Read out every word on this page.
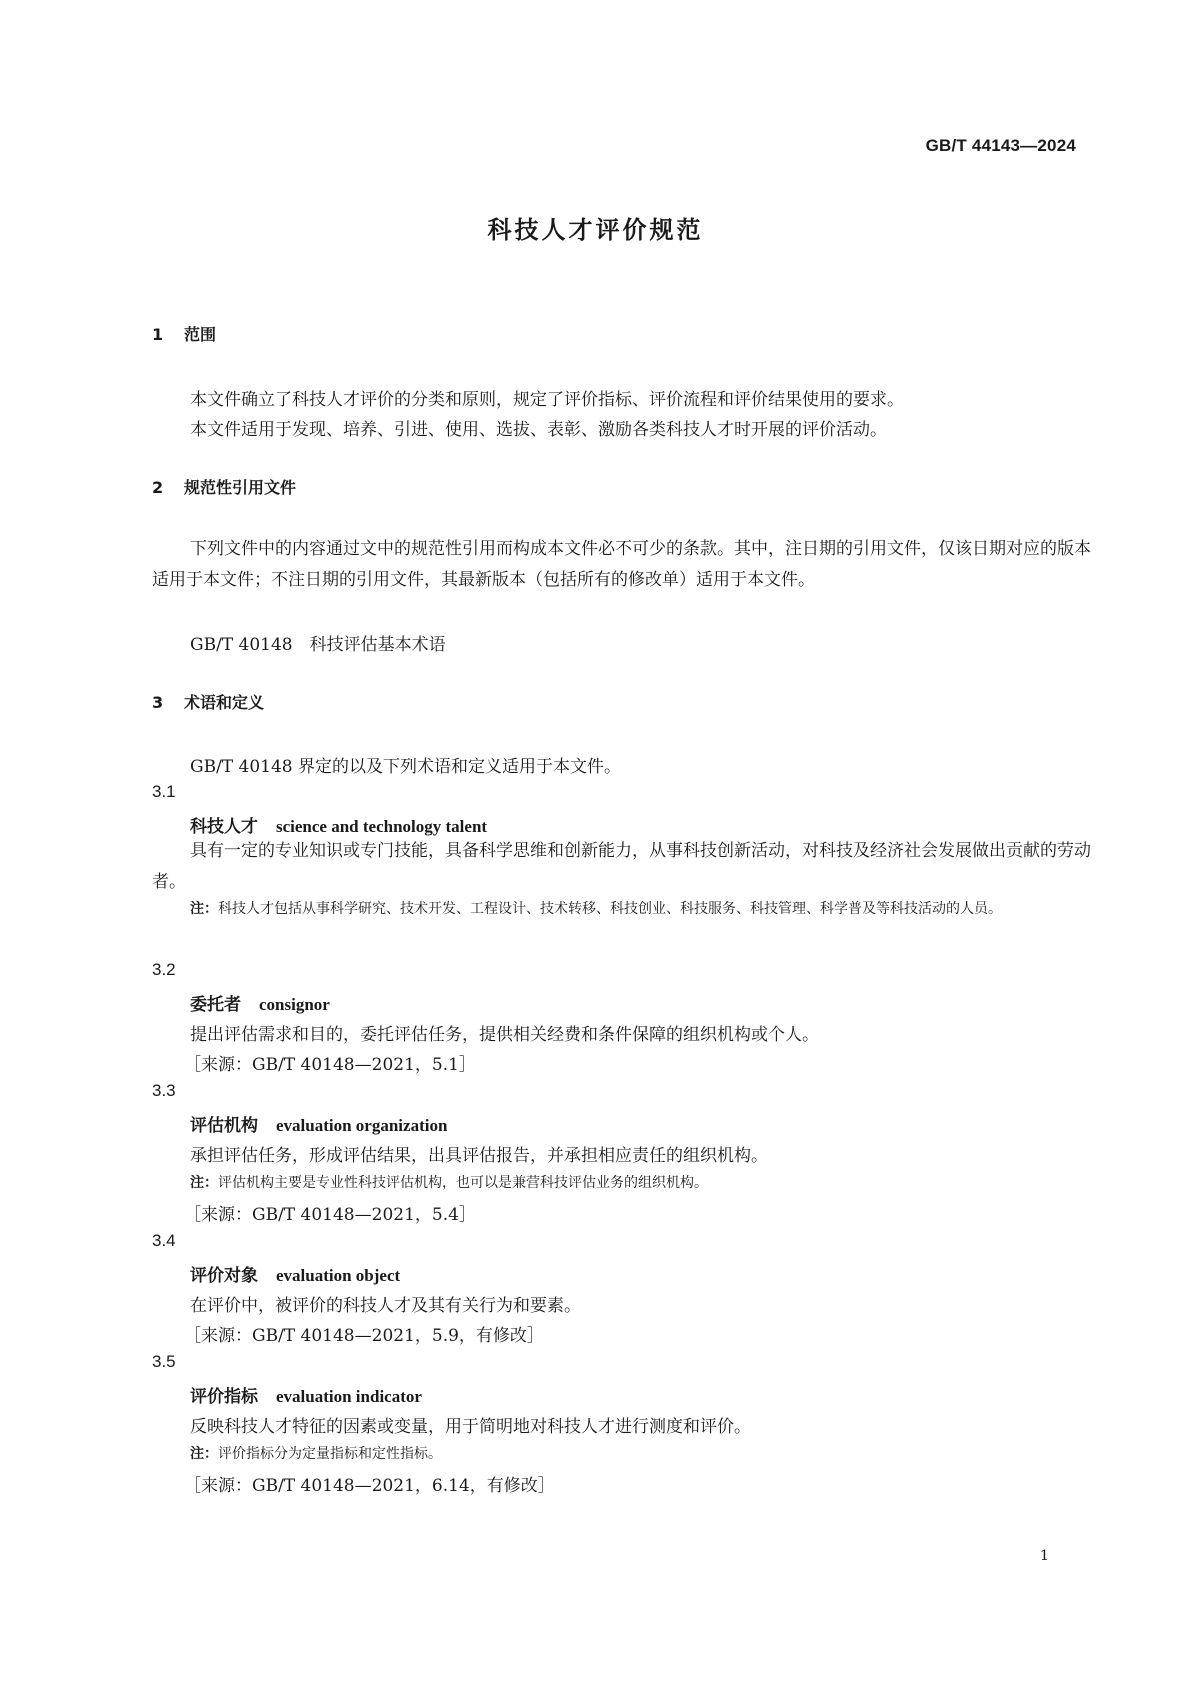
GB/T 44143—2024
科技人才评价规范
1 范围
本文件确立了科技人才评价的分类和原则，规定了评价指标、评价流程和评价结果使用的要求。
本文件适用于发现、培养、引进、使用、选拔、表彰、激励各类科技人才时开展的评价活动。
2 规范性引用文件
下列文件中的内容通过文中的规范性引用而构成本文件必不可少的条款。其中，注日期的引用文件，仅该日期对应的版本适用于本文件；不注日期的引用文件，其最新版本（包括所有的修改单）适用于本文件。
GB/T 40148　科技评估基本术语
3 术语和定义
GB/T 40148 界定的以及下列术语和定义适用于本文件。
3.1
科技人才 science and technology talent
具有一定的专业知识或专门技能，具备科学思维和创新能力，从事科技创新活动，对科技及经济社会发展做出贡献的劳动者。
注：科技人才包括从事科学研究、技术开发、工程设计、技术转移、科技创业、科技服务、科技管理、科学普及等科技活动的人员。
3.2
委托者 consignor
提出评估需求和目的，委托评估任务，提供相关经费和条件保障的组织机构或个人。
［来源：GB/T 40148—2021，5.1］
3.3
评估机构 evaluation organization
承担评估任务，形成评估结果，出具评估报告，并承担相应责任的组织机构。
注：评估机构主要是专业性科技评估机构，也可以是兼营科技评估业务的组织机构。
［来源：GB/T 40148—2021，5.4］
3.4
评价对象 evaluation object
在评价中，被评价的科技人才及其有关行为和要素。
［来源：GB/T 40148—2021，5.9，有修改］
3.5
评价指标 evaluation indicator
反映科技人才特征的因素或变量，用于简明地对科技人才进行测度和评价。
注：评价指标分为定量指标和定性指标。
［来源：GB/T 40148—2021，6.14，有修改］
1
